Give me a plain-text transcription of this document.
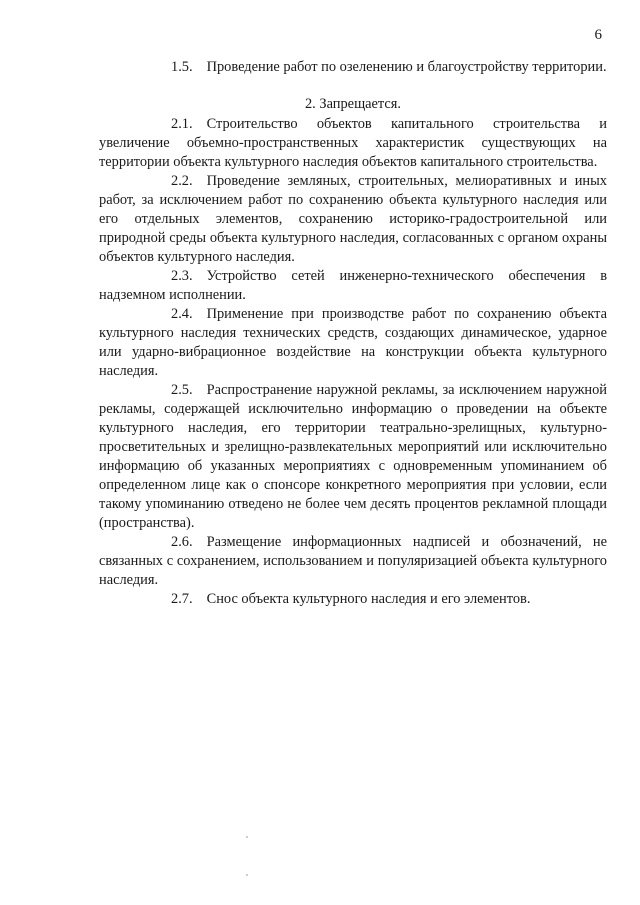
6

1.5. Проведение работ по озеленению и благоустройству территории.

2. Запрещается.

2.1. Строительство объектов капитального строительства и увеличение объемно-пространственных характеристик существующих на территории объекта культурного наследия объектов капитального строительства.

2.2. Проведение земляных, строительных, мелиоративных и иных работ, за исключением работ по сохранению объекта культурного наследия или его отдельных элементов, сохранению историко-градостроительной или природной среды объекта культурного наследия, согласованных с органом охраны объектов культурного наследия.

2.3. Устройство сетей инженерно-технического обеспечения в надземном исполнении.

2.4. Применение при производстве работ по сохранению объекта культурного наследия технических средств, создающих динамическое, ударное или ударно-вибрационное воздействие на конструкции объекта культурного наследия.

2.5. Распространение наружной рекламы, за исключением наружной рекламы, содержащей исключительно информацию о проведении на объекте культурного наследия, его территории театрально-зрелищных, культурно-просветительных и зрелищно-развлекательных мероприятий или исключительно информацию об указанных мероприятиях с одновременным упоминанием об определенном лице как о спонсоре конкретного мероприятия при условии, если такому упоминанию отведено не более чем десять процентов рекламной площади (пространства).

2.6. Размещение информационных надписей и обозначений, не связанных с сохранением, использованием и популяризацией объекта культурного наследия.

2.7. Снос объекта культурного наследия и его элементов.
